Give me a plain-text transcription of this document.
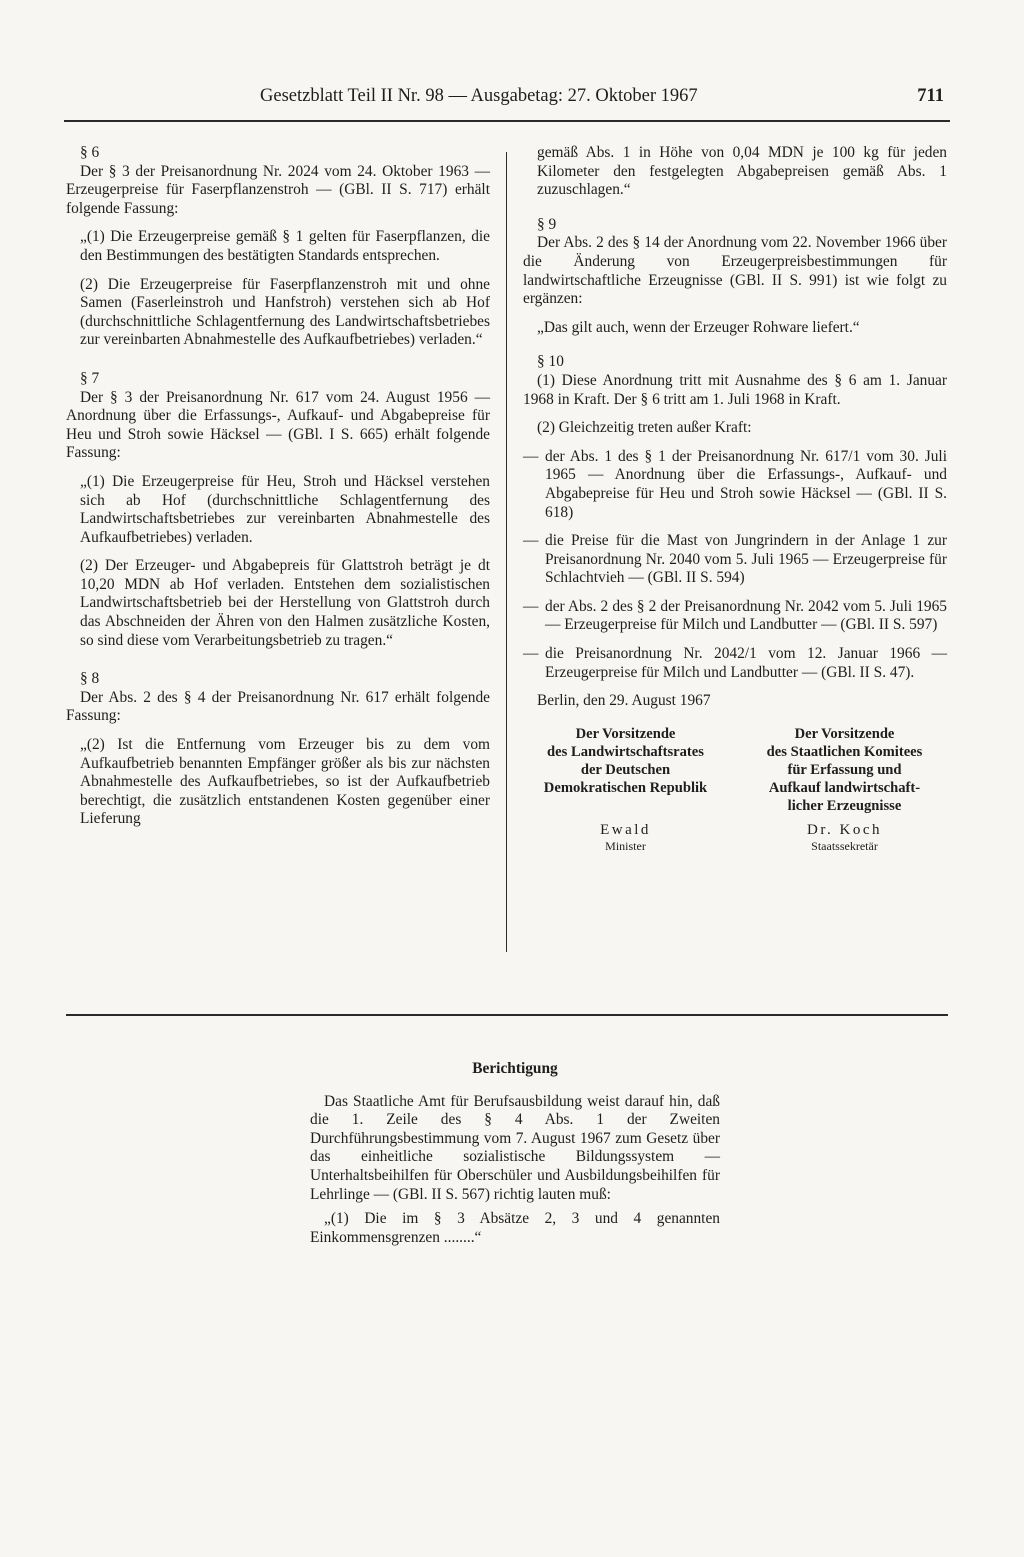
Gesetzblatt Teil II Nr. 98 — Ausgabetag: 27. Oktober 1967	711

§ 6

Der § 3 der Preisanordnung Nr. 2024 vom 24. Oktober 1963 — Erzeugerpreise für Faserpflanzenstroh — (GBl. II S. 717) erhält folgende Fassung:

„(1) Die Erzeugerpreise gemäß § 1 gelten für Faserpflanzen, die den Bestimmungen des bestätigten Standards entsprechen.

(2) Die Erzeugerpreise für Faserpflanzenstroh mit und ohne Samen (Faserleinstroh und Hanfstroh) verstehen sich ab Hof (durchschnittliche Schlagentfernung des Landwirtschaftsbetriebes zur vereinbarten Abnahmestelle des Aufkaufbetriebes) verladen.“

§ 7

Der § 3 der Preisanordnung Nr. 617 vom 24. August 1956 — Anordnung über die Erfassungs-, Aufkauf- und Abgabepreise für Heu und Stroh sowie Häcksel — (GBl. I S. 665) erhält folgende Fassung:

„(1) Die Erzeugerpreise für Heu, Stroh und Häcksel verstehen sich ab Hof (durchschnittliche Schlagentfernung des Landwirtschaftsbetriebes zur vereinbarten Abnahmestelle des Aufkaufbetriebes) verladen.

(2) Der Erzeuger- und Abgabepreis für Glattstroh beträgt je dt 10,20 MDN ab Hof verladen. Entstehen dem sozialistischen Landwirtschaftsbetrieb bei der Herstellung von Glattstroh durch das Abschneiden der Ähren von den Halmen zusätzliche Kosten, so sind diese vom Verarbeitungsbetrieb zu tragen.“

§ 8

Der Abs. 2 des § 4 der Preisanordnung Nr. 617 erhält folgende Fassung:

„(2) Ist die Entfernung vom Erzeuger bis zu dem vom Aufkaufbetrieb benannten Empfänger größer als bis zur nächsten Abnahmestelle des Aufkaufbetriebes, so ist der Aufkaufbetrieb berechtigt, die zusätzlich entstandenen Kosten gegenüber einer Lieferung

gemäß Abs. 1 in Höhe von 0,04 MDN je 100 kg für jeden Kilometer den festgelegten Abgabepreisen gemäß Abs. 1 zuzuschlagen.“

§ 9

Der Abs. 2 des § 14 der Anordnung vom 22. November 1966 über die Änderung von Erzeugerpreisbestimmungen für landwirtschaftliche Erzeugnisse (GBl. II S. 991) ist wie folgt zu ergänzen:

„Das gilt auch, wenn der Erzeuger Rohware liefert.“

§ 10

(1) Diese Anordnung tritt mit Ausnahme des § 6 am 1. Januar 1968 in Kraft. Der § 6 tritt am 1. Juli 1968 in Kraft.

(2) Gleichzeitig treten außer Kraft:

— der Abs. 1 des § 1 der Preisanordnung Nr. 617/1 vom 30. Juli 1965 — Anordnung über die Erfassungs-, Aufkauf- und Abgabepreise für Heu und Stroh sowie Häcksel — (GBl. II S. 618)
— die Preise für die Mast von Jungrindern in der Anlage 1 zur Preisanordnung Nr. 2040 vom 5. Juli 1965 — Erzeugerpreise für Schlachtvieh — (GBl. II S. 594)
— der Abs. 2 des § 2 der Preisanordnung Nr. 2042 vom 5. Juli 1965 — Erzeugerpreise für Milch und Landbutter — (GBl. II S. 597)
— die Preisanordnung Nr. 2042/1 vom 12. Januar 1966 — Erzeugerpreise für Milch und Landbutter — (GBl. II S. 47).
Berlin, den 29. August 1967
Der Vorsitzende
des Landwirtschaftsrates
der Deutschen
Demokratischen Republik
Ewald
Minister
Der Vorsitzende
des Staatlichen Komitees
für Erfassung und
Aufkauf landwirtschaft-
licher Erzeugnisse
Dr. Koch
Staatssekretär
Berichtigung

Das Staatliche Amt für Berufsausbildung weist darauf hin, daß die 1. Zeile des § 4 Abs. 1 der Zweiten Durchführungsbestimmung vom 7. August 1967 zum Gesetz über das einheitliche sozialistische Bildungssystem — Unterhaltsbeihilfen für Oberschüler und Ausbildungsbeihilfen für Lehrlinge — (GBl. II S. 567) richtig lauten muß:

„(1) Die im § 3 Absätze 2, 3 und 4 genannten Einkommensgrenzen ........“
